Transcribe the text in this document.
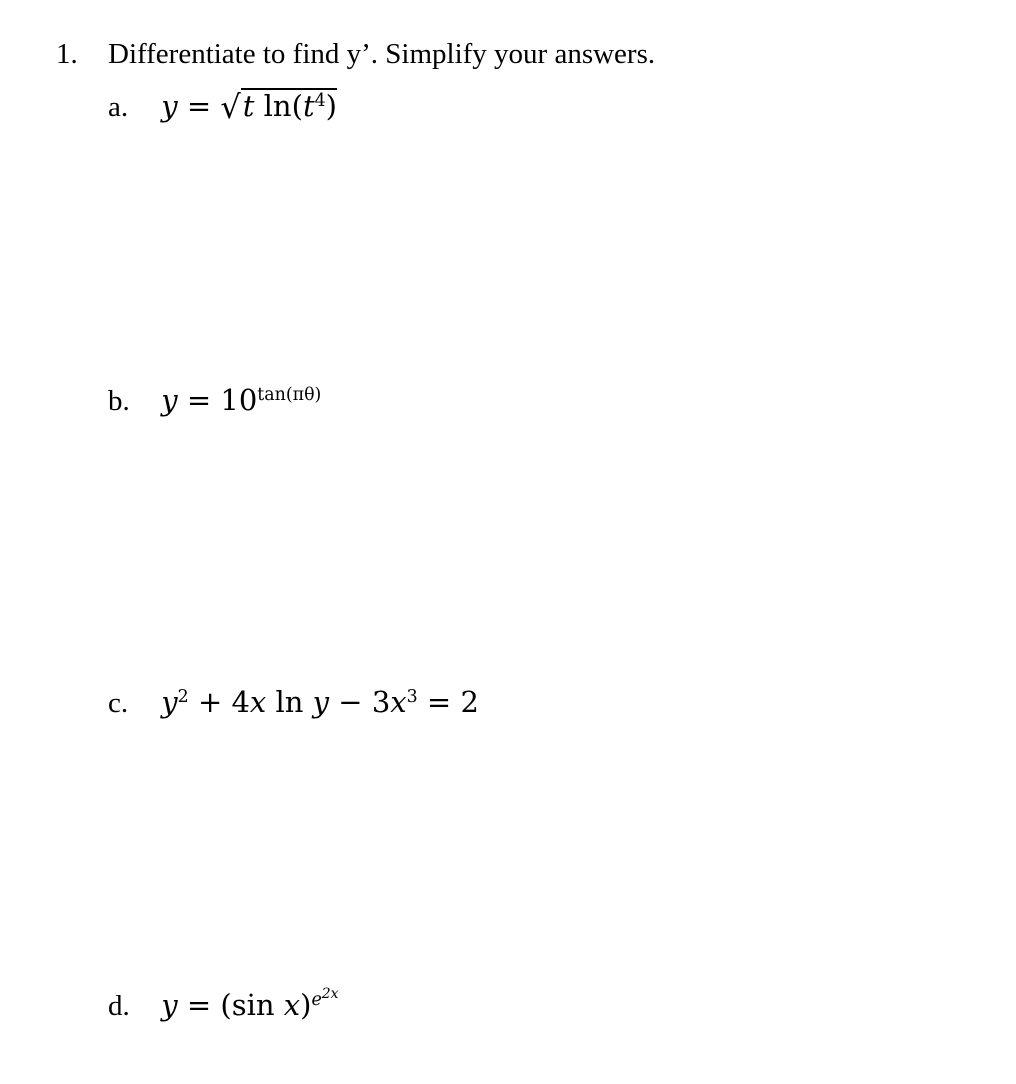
1. Differentiate to find y’. Simplify your answers.
a. y = √t $\ln(t^4)$
b. $y = 10^{tan(\pi\theta)}$
c. $y^2 + 4x$ $\ln y - 3x^3 = 2$
d. y = (sin x)$^{e^{2x}}$
